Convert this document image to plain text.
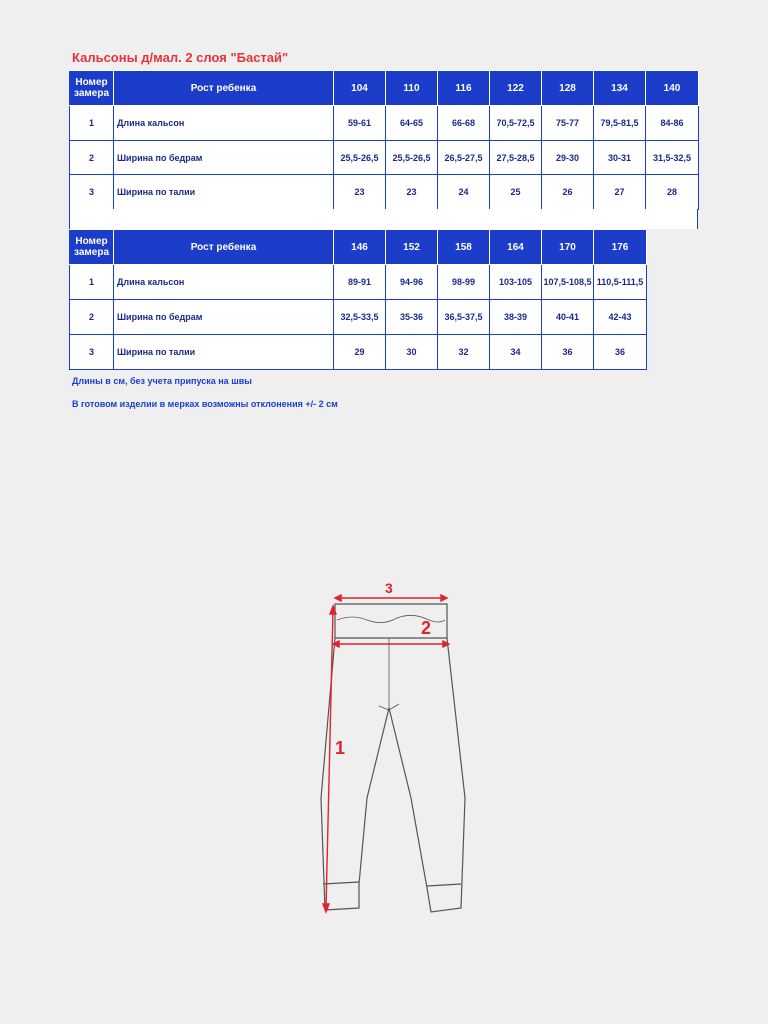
Кальсоны д/мал. 2 слоя "Бастай"
Номер замера	Рост ребенка	104	110	116	122	128	134	140
1	Длина кальсон	59-61	64-65	66-68	70,5-72,5	75-77	79,5-81,5	84-86
2	Ширина по бедрам	25,5-26,5	25,5-26,5	26,5-27,5	27,5-28,5	29-30	30-31	31,5-32,5
3	Ширина по талии	23	23	24	25	26	27	28
Номер замера	Рост ребенка	146	152	158	164	170	176
1	Длина кальсон	89-91	94-96	98-99	103-105	107,5-108,5	110,5-111,5
2	Ширина по бедрам	32,5-33,5	35-36	36,5-37,5	38-39	40-41	42-43
3	Ширина по талии	29	30	32	34	36	36
Длины в см, без учета припуска на швы
В готовом изделии в мерках возможны отклонения +/- 2 см
3
2
1
